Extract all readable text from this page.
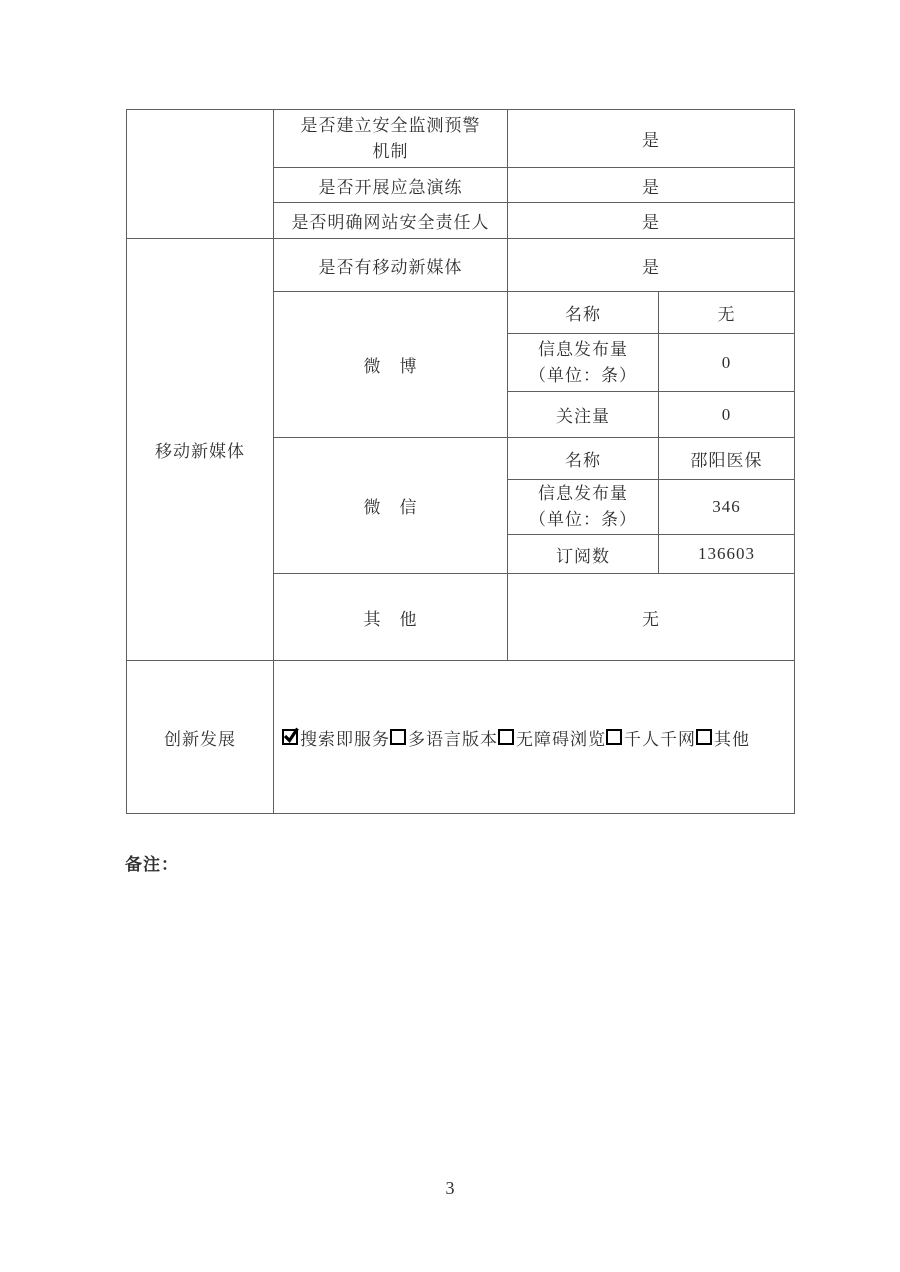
	是否建立安全监测预警
机制	是	
	是否开展应急演练	是	
	是否明确网站安全责任人	是	
移动新媒体	是否有移动新媒体	是	
	微　博	名称	无

		信息发布量
（单位：条）	0
		关注量	0
	微　信	名称	邵阳医保

		信息发布量
（单位：条）	346
		订阅数	136603
	其　他	无	
创新发展	搜索即服务 多语言版本 无障碍浏览 千人千网 其他		
备注：
3
